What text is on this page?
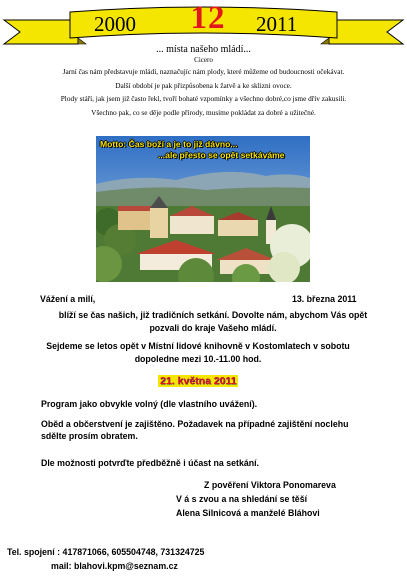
2000 12	2011
... místa našeho mládí...
Cicero
Jarní čas nám představuje mládí, naznačujíc nám plody, které můžeme od budoucnosti očekávat.
Další období je pak přizpůsobena k žatvě a ke sklizni ovoce.
Plody stáří, jak jsem již často řekl, tvoří bohaté vzpomínky a všechno dobré,co jsme dřív zakusili.
Všechno pak, co se děje podle přírody, musíme pokládat za dobré a užitečné.
Motto: Čas boží a je to již dávno...
...ale přesto se opět setkáváme
Vážení a milí,	13. března 2011
blíží se čas našich, již tradičních setkání. Dovolte nám, abychom Vás opět pozvali do kraje Vašeho mládí.
Sejdeme se letos opět v Místní lidové knihovně v Kostomlatech v sobotu dopoledne mezi 10.-11.00 hod.
21. května 2011
Program jako obvykle volný (dle vlastního uvážení).
Oběd a občerstvení je zajištěno. Požadavek na případné zajištění noclehu sdělte prosím obratem.
Dle možnosti potvrďte předběžně i účast na setkání.
Z pověření Viktora Ponomareva
V á s zvou a na shledání se těší
Alena Silnicová a manželé Bláhovi
Tel. spojení : 417871066, 605504748, 731324725
mail: blahovi.kpm@seznam.cz
